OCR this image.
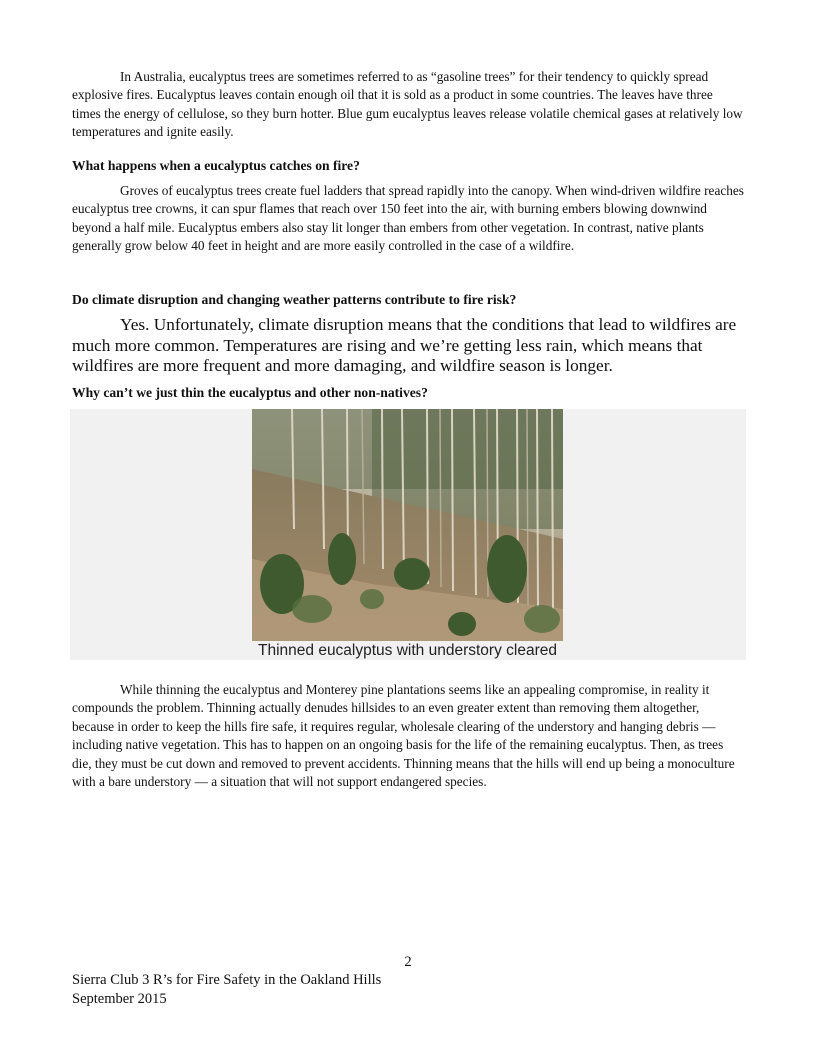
In Australia, eucalyptus trees are sometimes referred to as “gasoline trees” for their tendency to quickly spread explosive fires. Eucalyptus leaves contain enough oil that it is sold as a product in some countries. The leaves have three times the energy of cellulose, so they burn hotter. Blue gum eucalyptus leaves release volatile chemical gases at relatively low temperatures and ignite easily.

What happens when a eucalyptus catches on fire?

Groves of eucalyptus trees create fuel ladders that spread rapidly into the canopy. When wind-driven wildfire reaches eucalyptus tree crowns, it can spur flames that reach over 150 feet into the air, with burning embers blowing downwind beyond a half mile. Eucalyptus embers also stay lit longer than embers from other vegetation. In contrast, native plants generally grow below 40 feet in height and are more easily controlled in the case of a wildfire.

Do climate disruption and changing weather patterns contribute to fire risk?

Yes. Unfortunately, climate disruption means that the conditions that lead to wildfires are much more common. Temperatures are rising and we’re getting less rain, which means that wildfires are more frequent and more damaging, and wildfire season is longer.

Why can’t we just thin the eucalyptus and other non-natives?
Thinned eucalyptus with understory cleared

While thinning the eucalyptus and Monterey pine plantations seems like an appealing compromise, in reality it compounds the problem. Thinning actually denudes hillsides to an even greater extent than removing them altogether, because in order to keep the hills fire safe, it requires regular, wholesale clearing of the understory and hanging debris — including native vegetation. This has to happen on an ongoing basis for the life of the remaining eucalyptus. Then, as trees die, they must be cut down and removed to prevent accidents. Thinning means that the hills will end up being a monoculture with a bare understory — a situation that will not support endangered species.

2
Sierra Club 3 R’s for Fire Safety in the Oakland Hills
September 2015
